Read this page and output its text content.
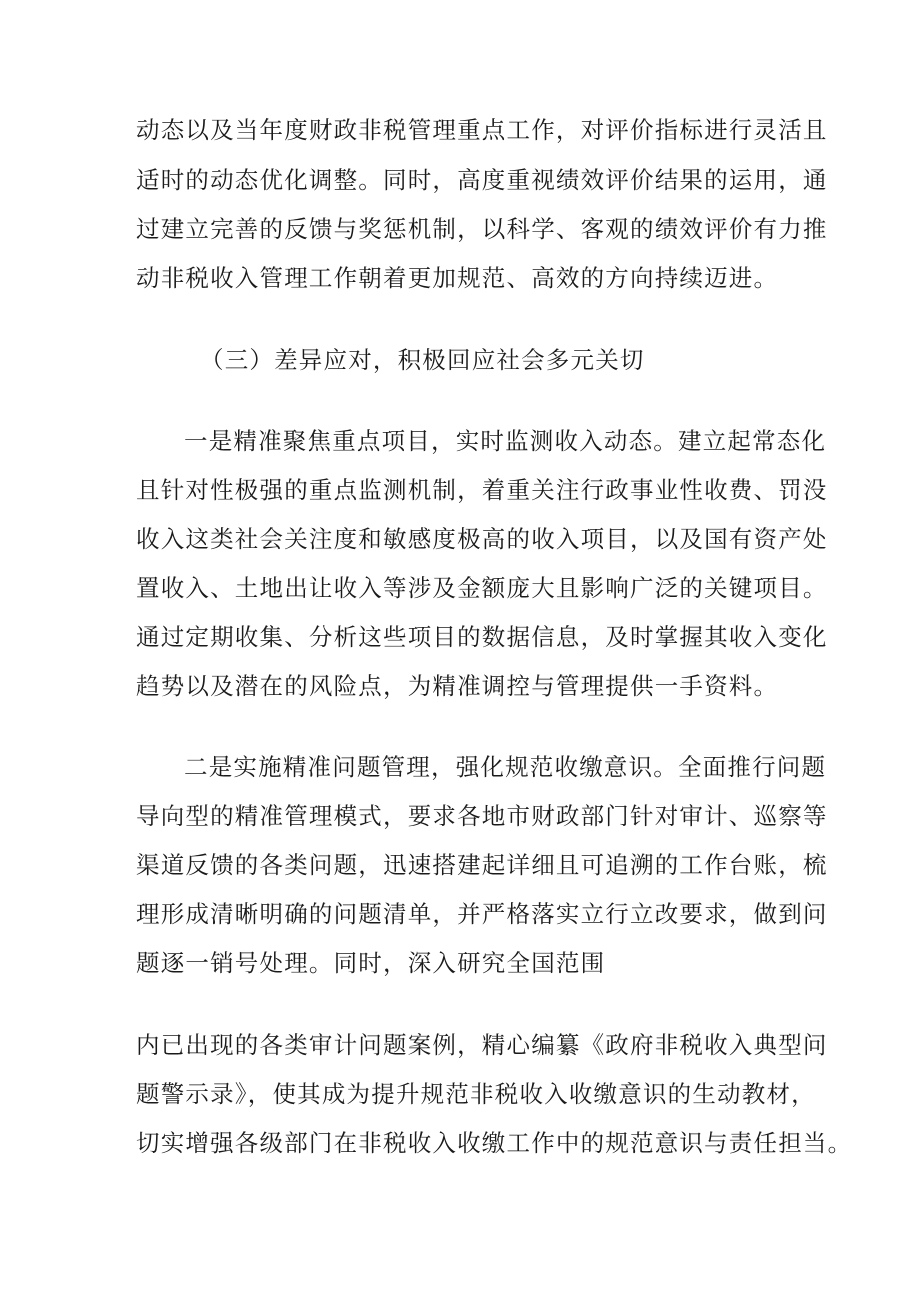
动态以及当年度财政非税管理重点工作，对评价指标进行灵活且
适时的动态优化调整。同时，高度重视绩效评价结果的运用，通
过建立完善的反馈与奖惩机制，以科学、客观的绩效评价有力推
动非税收入管理工作朝着更加规范、高效的方向持续迈进。
（三）差异应对，积极回应社会多元关切
一是精准聚焦重点项目，实时监测收入动态。建立起常态化
且针对性极强的重点监测机制，着重关注行政事业性收费、罚没
收入这类社会关注度和敏感度极高的收入项目，以及国有资产处
置收入、土地出让收入等涉及金额庞大且影响广泛的关键项目。
通过定期收集、分析这些项目的数据信息，及时掌握其收入变化
趋势以及潜在的风险点，为精准调控与管理提供一手资料。
二是实施精准问题管理，强化规范收缴意识。全面推行问题
导向型的精准管理模式，要求各地市财政部门针对审计、巡察等
渠道反馈的各类问题，迅速搭建起详细且可追溯的工作台账，梳
理形成清晰明确的问题清单，并严格落实立行立改要求，做到问
题逐一销号处理。同时，深入研究全国范围
内已出现的各类审计问题案例，精心编纂《政府非税收入典型问
题警示录》，使其成为提升规范非税收入收缴意识的生动教材，
切实增强各级部门在非税收入收缴工作中的规范意识与责任担当。
